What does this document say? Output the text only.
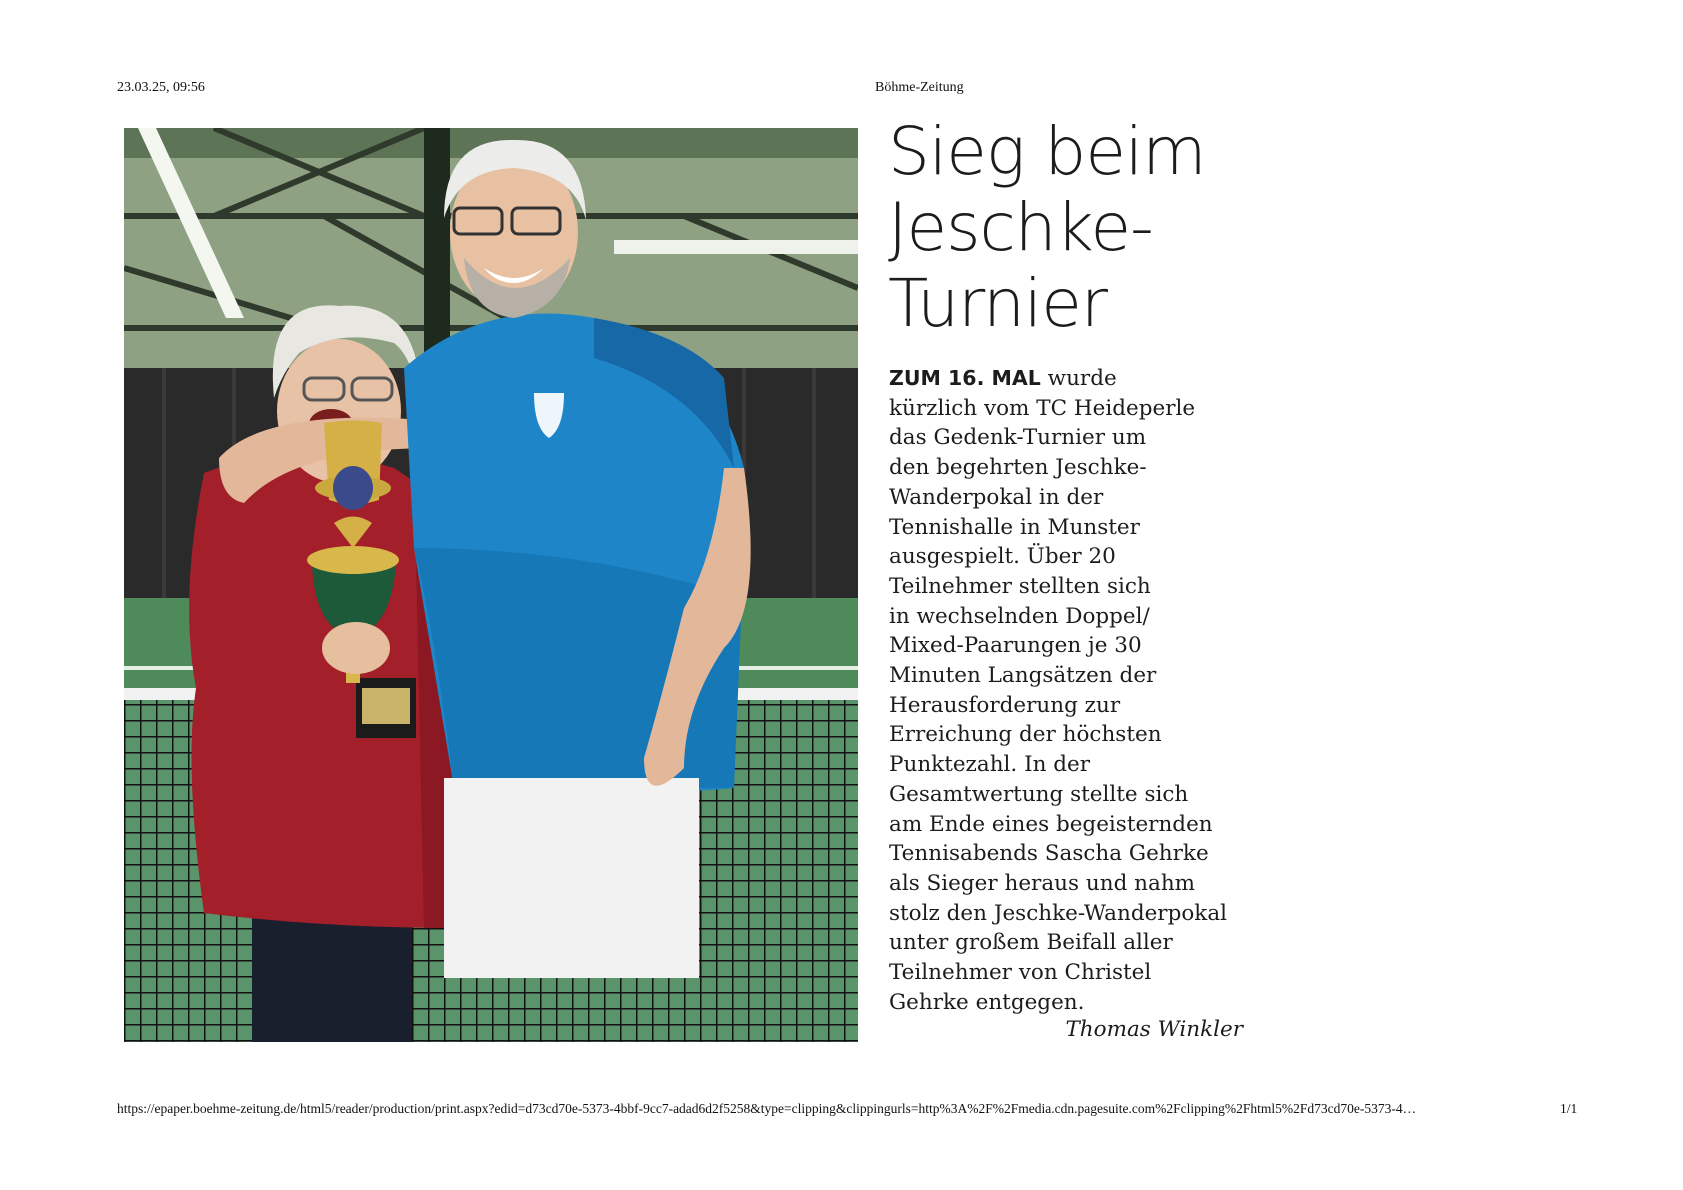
23.03.25, 09:56	Böhme-Zeitung
Sieg beim
Jeschke-
Turnier
ZUM 16. MAL wurde
kürzlich vom TC Heideperle
das Gedenk-Turnier um
den begehrten Jeschke-
Wanderpokal in der
Tennishalle in Munster
ausgespielt. Über 20
Teilnehmer stellten sich
in wechselnden Doppel/
Mixed-Paarungen je 30
Minuten Langsätzen der
Herausforderung zur
Erreichung der höchsten
Punktezahl. In der
Gesamtwertung stellte sich
am Ende eines begeisternden
Tennisabends Sascha Gehrke
als Sieger heraus und nahm
stolz den Jeschke-Wanderpokal
unter großem Beifall aller
Teilnehmer von Christel
Gehrke entgegen.
Thomas Winkler
https://epaper.boehme-zeitung.de/html5/reader/production/print.aspx?edid=d73cd70e-5373-4bbf-9cc7-adad6d2f5258&type=clipping&clippingurls=http%3A%2F%2Fmedia.cdn.pagesuite.com%2Fclipping%2Fhtml5%2Fd73cd70e-5373-4…	1/1
